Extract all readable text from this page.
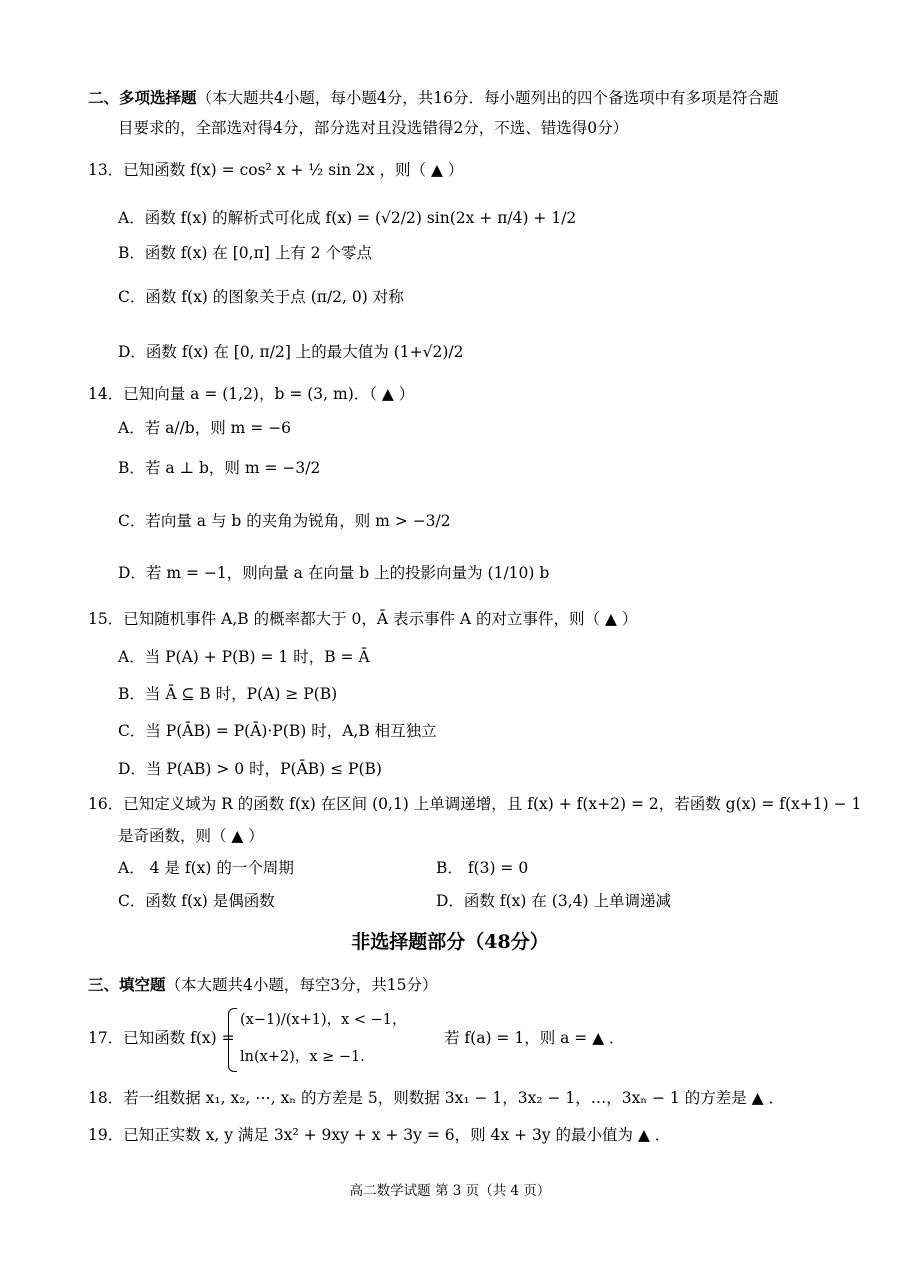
二、多项选择题（本大题共4小题，每小题4分，共16分．每小题列出的四个备选项中有多项是符合题
目要求的，全部选对得4分，部分选对且没选错得2分，不选、错选得0分）
13．已知函数 f(x) = cos² x + ½ sin 2x ，则（ ▲ ）
A．函数 f(x) 的解析式可化成 f(x) = (√2/2) sin(2x + π/4) + 1/2
B．函数 f(x) 在 [0,π] 上有 2 个零点
C．函数 f(x) 的图象关于点 (π/2, 0) 对称
D．函数 f(x) 在 [0, π/2] 上的最大值为 (1+√2)/2
14．已知向量 a = (1,2)，b = (3, m)．（ ▲ ）
A．若 a//b，则 m = −6
B．若 a ⊥ b，则 m = −3/2
C．若向量 a 与 b 的夹角为锐角，则 m > −3/2
D．若 m = −1，则向量 a 在向量 b 上的投影向量为 (1/10) b
15．已知随机事件 A,B 的概率都大于 0，Ā 表示事件 A 的对立事件，则（ ▲ ）
A．当 P(A) + P(B) = 1 时，B = Ā
B．当 Ā ⊆ B 时，P(A) ≥ P(B)
C．当 P(ĀB) = P(Ā)·P(B) 时，A,B 相互独立
D．当 P(AB) > 0 时，P(ĀB) ≤ P(B)
16．已知定义域为 R 的函数 f(x) 在区间 (0,1) 上单调递增，且 f(x) + f(x+2) = 2，若函数 g(x) = f(x+1) − 1
是奇函数，则（ ▲ ）
A． 4 是 f(x) 的一个周期	B． f(3) = 0
C．函数 f(x) 是偶函数	D．函数 f(x) 在 (3,4) 上单调递减
非选择题部分（48分）
三、填空题（本大题共4小题，每空3分，共15分）
17．已知函数 f(x) =
(x−1)/(x+1)，x < −1，
ln(x+2)，x ≥ −1．
若 f(a) = 1，则 a = ▲ ．
18．若一组数据 x₁, x₂, ⋯, xₙ 的方差是 5，则数据 3x₁ − 1，3x₂ − 1，…，3xₙ − 1 的方差是 ▲ ．
19．已知正实数 x, y 满足 3x² + 9xy + x + 3y = 6，则 4x + 3y 的最小值为 ▲ ．
高二数学试题 第 3 页（共 4 页）
